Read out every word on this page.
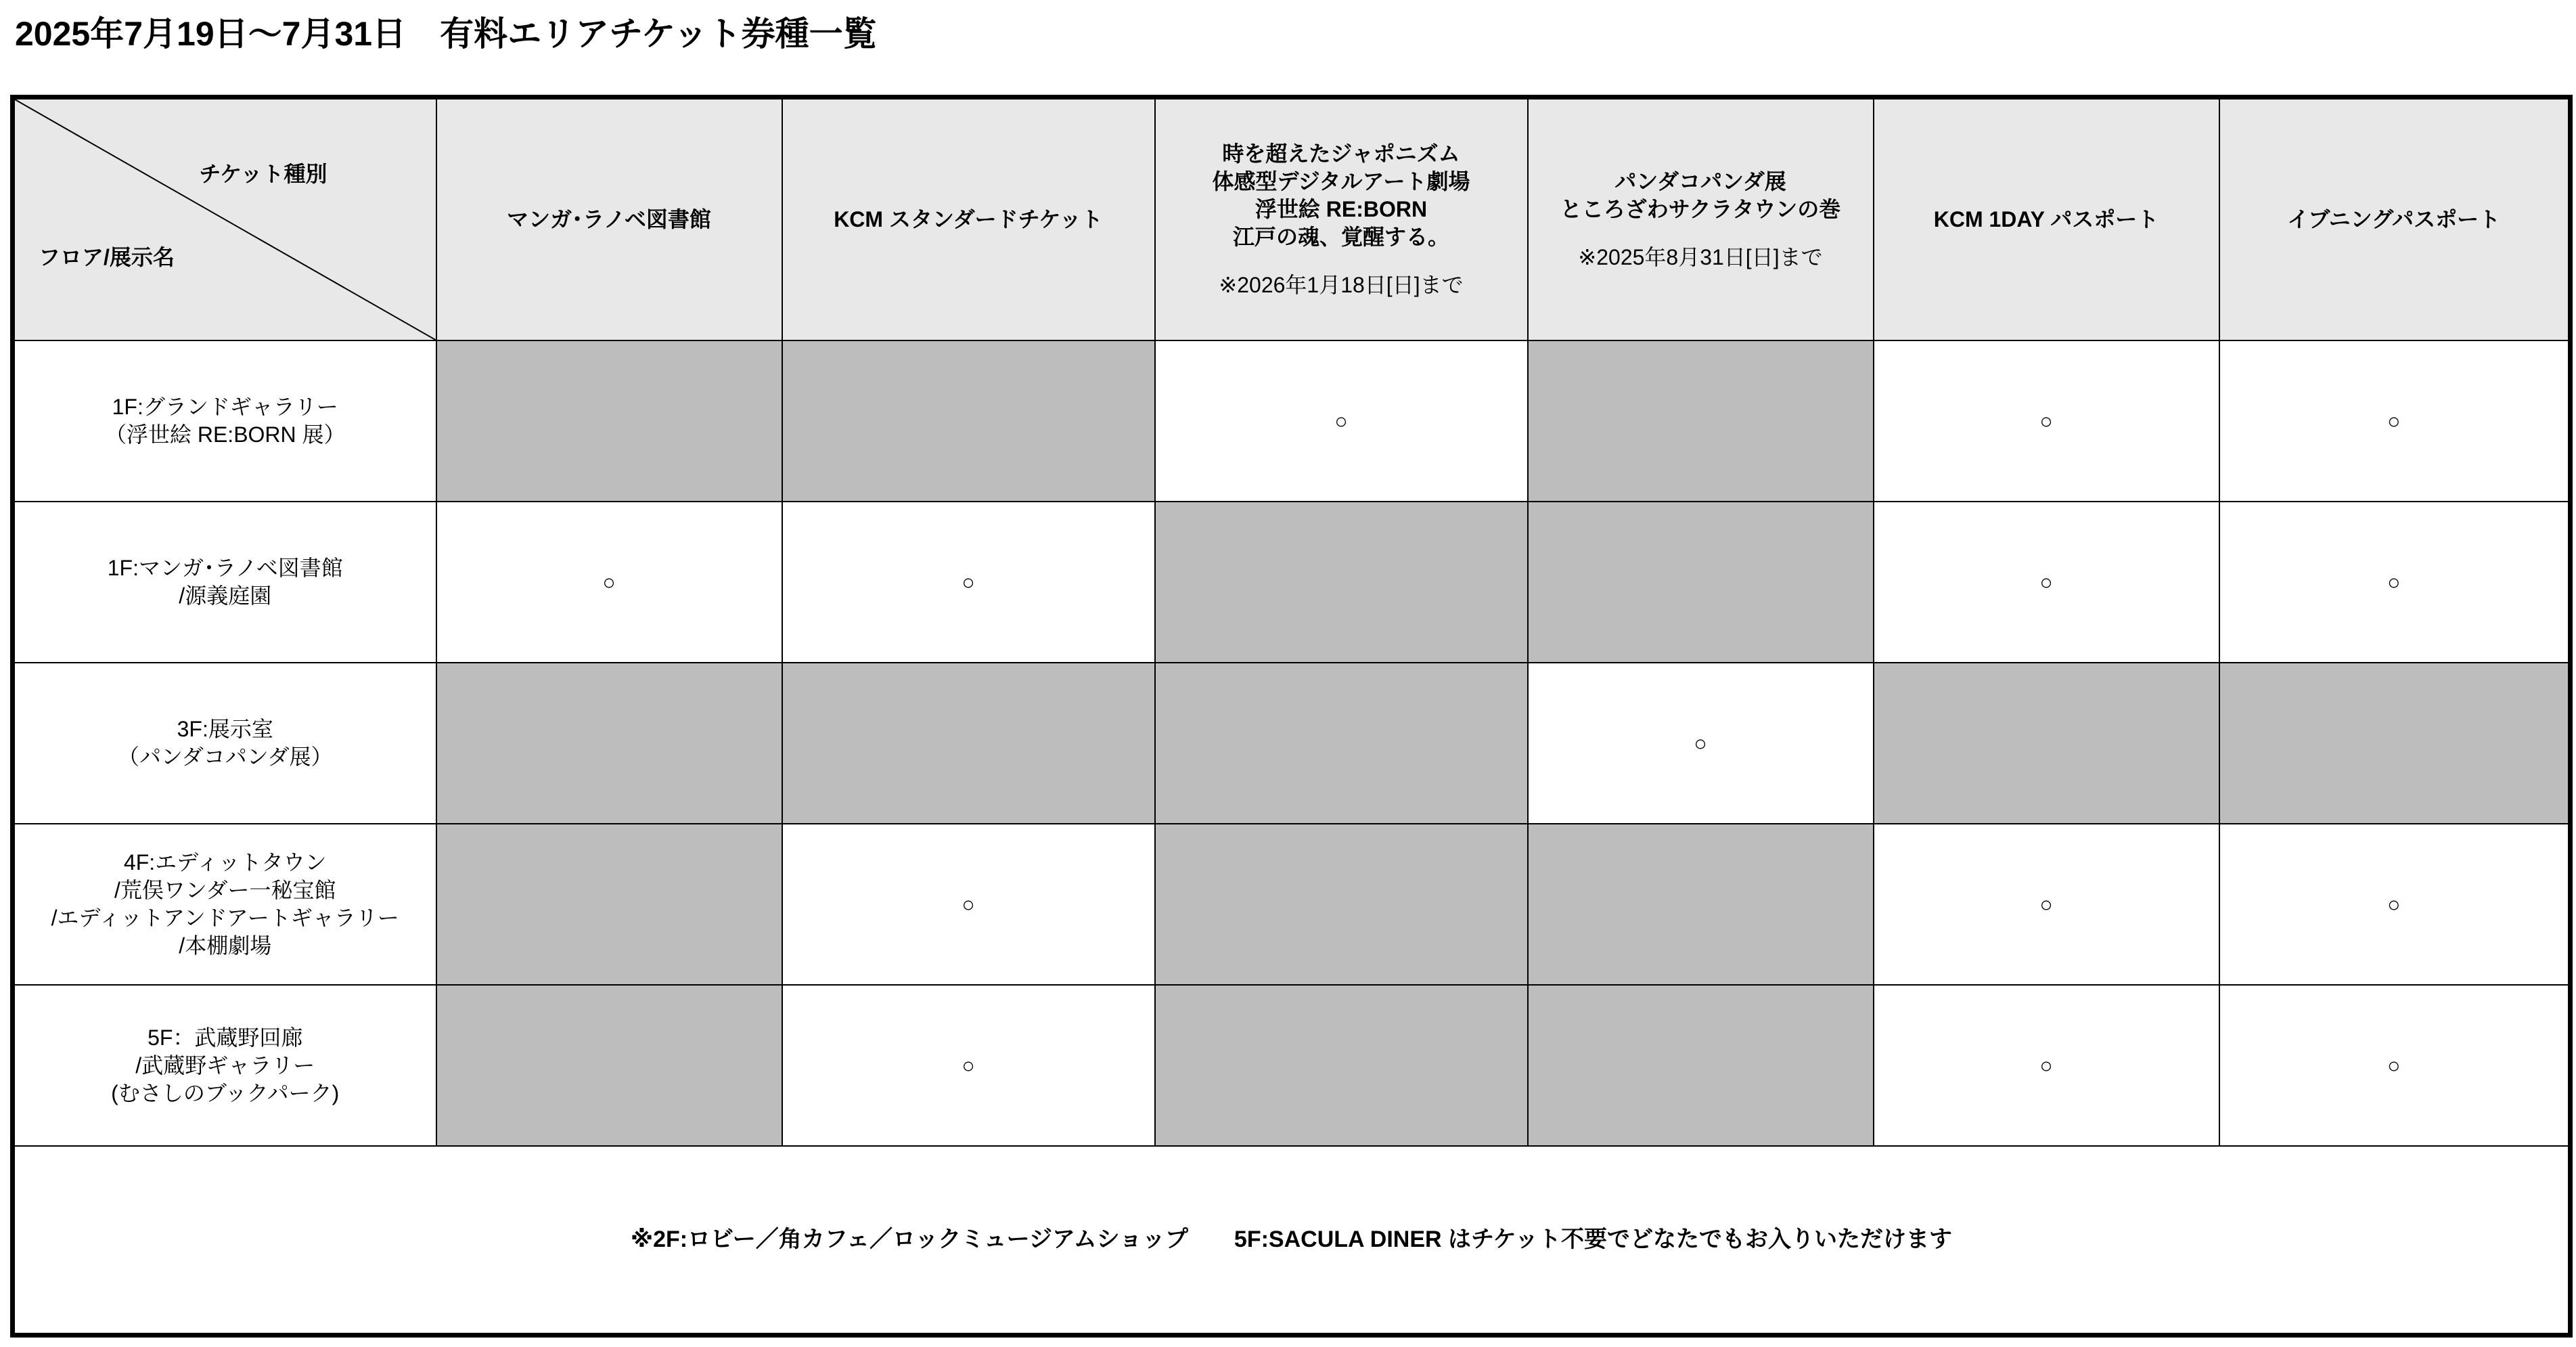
2025年7月19日～7月31日　有料エリアチケット券種一覧
チケット種別
フロア/展示名	マンガ･ラノベ図書館	KCM スタンダードチケット	時を超えたジャポニズム
体感型デジタルアート劇場
浮世絵 RE:BORN
江戸の魂、覚醒する。
※2026年1月18日[日]まで	パンダコパンダ展
ところざわサクラタウンの巻
※2025年8月31日[日]まで	KCM 1DAY パスポート	イブニングパスポート

1F:グランドギャラリー
（浮世絵 RE:BORN 展）			○		○	○

1F:マンガ･ラノベ図書館
/源義庭園	○	○			○	○

3F:展示室
（パンダコパンダ展）				○		

4F:エディットタウン
/荒俣ワンダー一秘宝館
/エディットアンドアートギャラリー
/本棚劇場		○			○	○

5F：武蔵野回廊
/武蔵野ギャラリー
(むさしのブックパーク)		○			○	○
※2F:ロビー／角カフェ／ロックミュージアムショップ　　5F:SACULA DINER はチケット不要でどなたでもお入りいただけます						
